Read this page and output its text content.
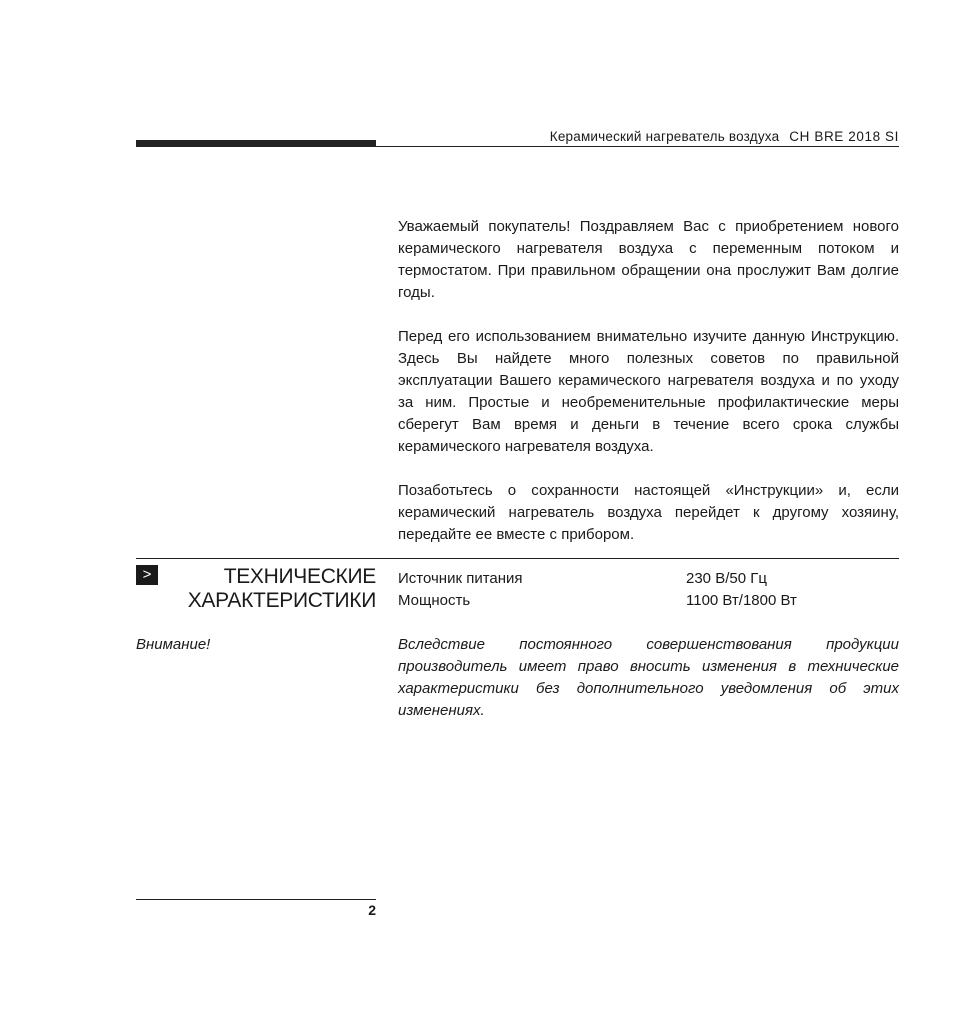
Керамический нагреватель воздуха CH BRE 2018 SI

Уважаемый покупатель! Поздравляем Вас с приобретением нового керамического нагревателя воздуха с переменным потоком и термостатом. При правильном обращении она прослужит Вам долгие годы.

Перед его использованием внимательно изучите данную Инструкцию. Здесь Вы найдете много полезных советов по правильной эксплуатации Вашего керамического нагревателя воздуха и по уходу за ним. Простые и необременительные профилактические меры сберегут Вам время и деньги в течение всего срока службы керамического нагревателя воздуха.

Позаботьтесь о сохранности настоящей «Инструкции» и, если керамический нагреватель воздуха перейдет к другому хозяину, передайте ее вместе с прибором.

>	ТЕХНИЧЕСКИЕ
ХАРАКТЕРИСТИКИ
Источник питания	230 В/50 Гц
Мощность	1100 Вт/1800 Вт
Внимание!	Вследствие постоянного совершенствования продукции производитель имеет право вносить изменения в технические характеристики без дополнительного уведомления об этих изменениях.
2
